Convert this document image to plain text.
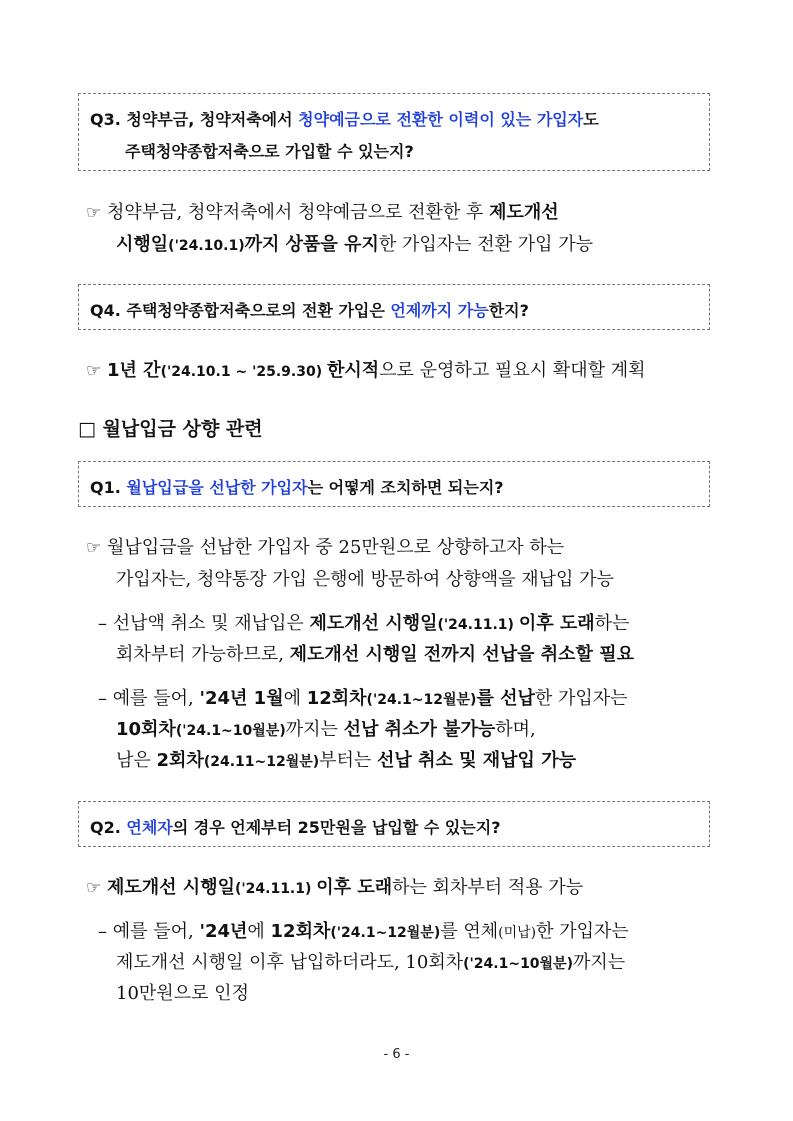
Q3. 청약부금, 청약저축에서 청약예금으로 전환한 이력이 있는 가입자도
주택청약종합저축으로 가입할 수 있는지?
☞ 청약부금, 청약저축에서 청약예금으로 전환한 후 제도개선
시행일('24.10.1)까지 상품을 유지한 가입자는 전환 가입 가능
Q4. 주택청약종합저축으로의 전환 가입은 언제까지 가능한지?
☞ 1년 간('24.10.1 ~ '25.9.30) 한시적으로 운영하고 필요시 확대할 계획
□ 월납입금 상향 관련
Q1. 월납입급을 선납한 가입자는 어떻게 조치하면 되는지?
☞ 월납입금을 선납한 가입자 중 25만원으로 상향하고자 하는
가입자는, 청약통장 가입 은행에 방문하여 상향액을 재납입 가능
– 선납액 취소 및 재납입은 제도개선 시행일('24.11.1) 이후 도래하는
회차부터 가능하므로, 제도개선 시행일 전까지 선납을 취소할 필요
– 예를 들어, '24년 1월에 12회차('24.1~12월분)를 선납한 가입자는
10회차('24.1~10월분)까지는 선납 취소가 불가능하며,
남은 2회차(24.11~12월분)부터는 선납 취소 및 재납입 가능
Q2. 연체자의 경우 언제부터 25만원을 납입할 수 있는지?
☞ 제도개선 시행일('24.11.1) 이후 도래하는 회차부터 적용 가능
– 예를 들어, '24년에 12회차('24.1~12월분)를 연체(미납)한 가입자는
제도개선 시행일 이후 납입하더라도, 10회차('24.1~10월분)까지는
10만원으로 인정
- 6 -
